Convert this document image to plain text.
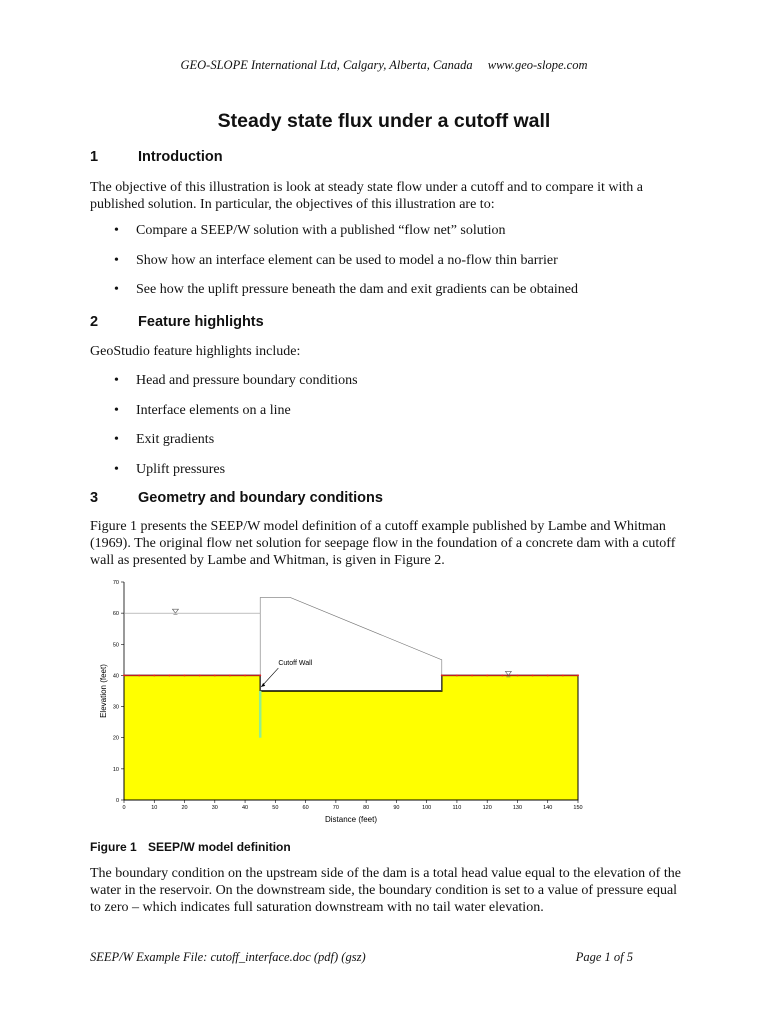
GEO-SLOPE International Ltd, Calgary, Alberta, Canada www.geo-slope.com
Steady state flux under a cutoff wall
1	Introduction
The objective of this illustration is look at steady state flow under a cutoff and to compare it with a published solution. In particular, the objectives of this illustration are to:
• Compare a SEEP/W solution with a published “flow net” solution
• Show how an interface element can be used to model a no-flow thin barrier
• See how the uplift pressure beneath the dam and exit gradients can be obtained
2	Feature highlights
GeoStudio feature highlights include:
• Head and pressure boundary conditions
• Interface elements on a line
• Exit gradients
• Uplift pressures
3	Geometry and boundary conditions
Figure 1 presents the SEEP/W model definition of a cutoff example published by Lambe and Whitman (1969). The original flow net solution for seepage flow in the foundation of a concrete dam with a cutoff wall as presented by Lambe and Whitman, is given in Figure 2.
0
10
20
30
40
50
60
70
0	10	20	30	40	50	60	70	80	90	100	110	120	130	140	150
Distance (feet)
Elevation (feet)
Cutoff Wall
Figure 1 SEEP/W model definition
The boundary condition on the upstream side of the dam is a total head value equal to the elevation of the water in the reservoir. On the downstream side, the boundary condition is set to a value of pressure equal to zero – which indicates full saturation downstream with no tail water elevation.
SEEP/W Example File: cutoff_interface.doc (pdf) (gsz)	Page 1 of 5
